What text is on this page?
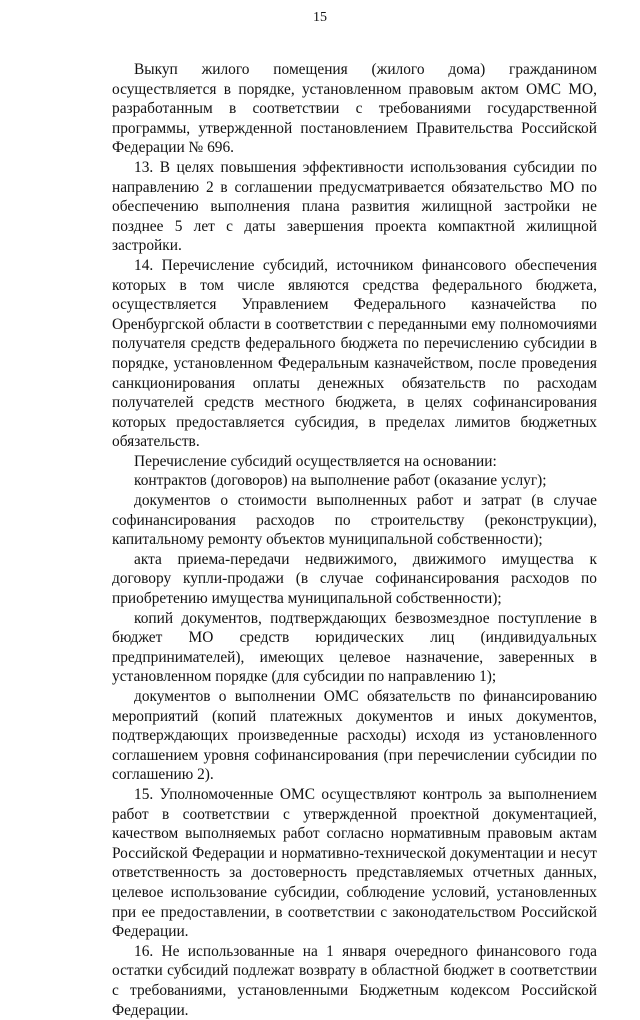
15

Выкуп жилого помещения (жилого дома) гражданином осуществляется в порядке, установленном правовым актом ОМС МО, разработанным в соответствии с требованиями государственной программы, утвержденной постановлением Правительства Российской Федерации № 696.

13. В целях повышения эффективности использования субсидии по направлению 2 в соглашении предусматривается обязательство МО по обеспечению выполнения плана развития жилищной застройки не позднее 5 лет с даты завершения проекта компактной жилищной застройки.

14. Перечисление субсидий, источником финансового обеспечения которых в том числе являются средства федерального бюджета, осуществляется Управлением Федерального казначейства по Оренбургской области в соответствии с переданными ему полномочиями получателя средств федерального бюджета по перечислению субсидии в порядке, установленном Федеральным казначейством, после проведения санкционирования оплаты денежных обязательств по расходам получателей средств местного бюджета, в целях софинансирования которых предоставляется субсидия, в пределах лимитов бюджетных обязательств.

Перечисление субсидий осуществляется на основании:

контрактов (договоров) на выполнение работ (оказание услуг);

документов о стоимости выполненных работ и затрат (в случае софинансирования расходов по строительству (реконструкции), капитальному ремонту объектов муниципальной собственности);

акта приема-передачи недвижимого, движимого имущества к договору купли-продажи (в случае софинансирования расходов по приобретению имущества муниципальной собственности);

копий документов, подтверждающих безвозмездное поступление в бюджет МО средств юридических лиц (индивидуальных предпринимателей), имеющих целевое назначение, заверенных в установленном порядке (для субсидии по направлению 1);

документов о выполнении ОМС обязательств по финансированию мероприятий (копий платежных документов и иных документов, подтверждающих произведенные расходы) исходя из установленного соглашением уровня софинансирования (при перечислении субсидии по соглашению 2).

15. Уполномоченные ОМС осуществляют контроль за выполнением работ в соответствии с утвержденной проектной документацией, качеством выполняемых работ согласно нормативным правовым актам Российской Федерации и нормативно-технической документации и несут ответственность за достоверность представляемых отчетных данных, целевое использование субсидии, соблюдение условий, установленных при ее предоставлении, в соответствии с законодательством Российской Федерации.

16. Не использованные на 1 января очередного финансового года остатки субсидий подлежат возврату в областной бюджет в соответствии с требованиями, установленными Бюджетным кодексом Российской Федерации.
